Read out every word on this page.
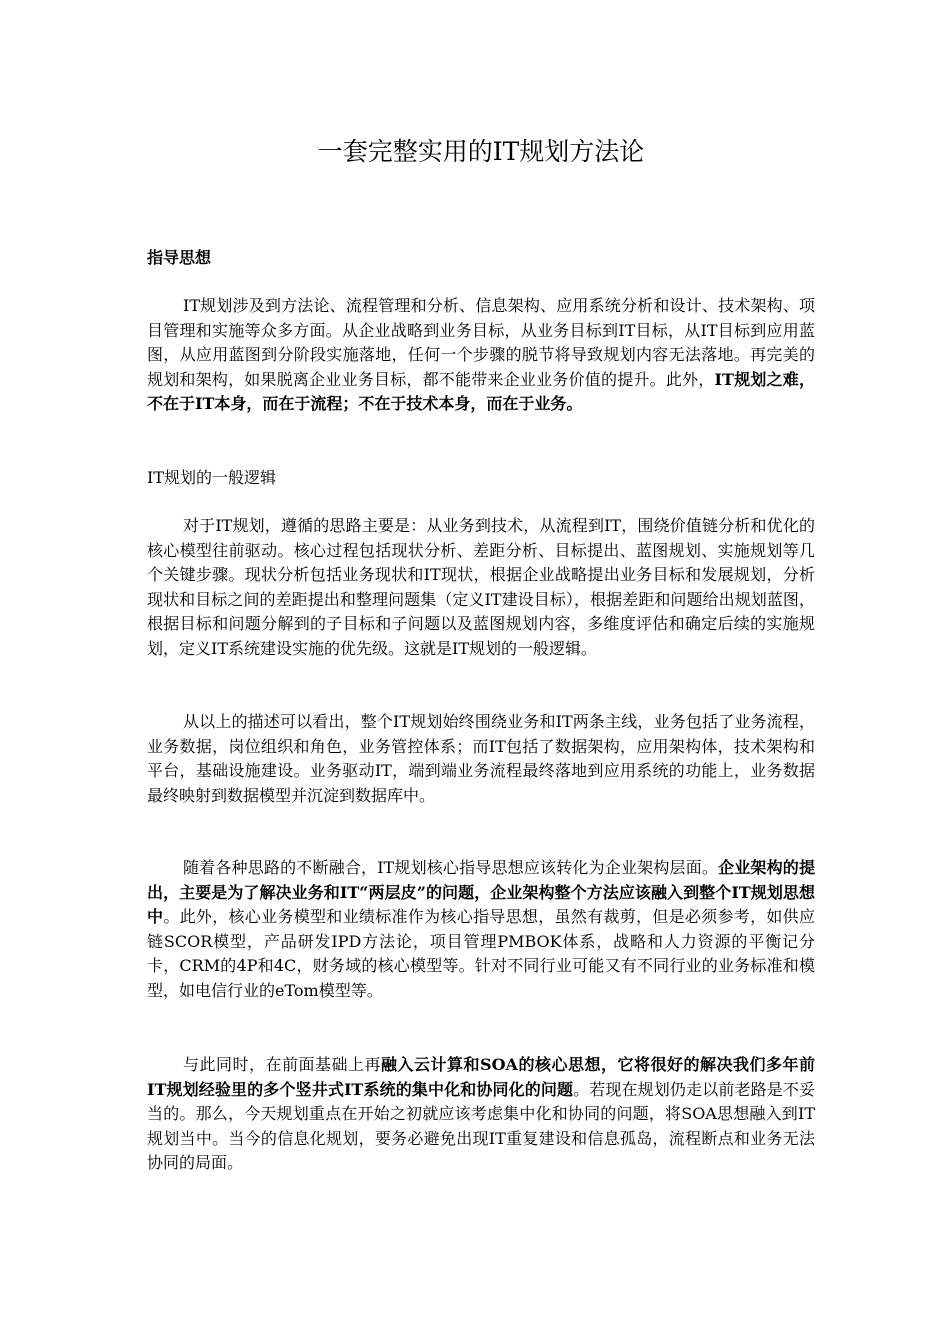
一套完整实用的IT规划方法论
指导思想

IT规划涉及到方法论、流程管理和分析、信息架构、应用系统分析和设计、技术架构、项目管理和实施等众多方面。从企业战略到业务目标，从业务目标到IT目标，从IT目标到应用蓝图，从应用蓝图到分阶段实施落地，任何一个步骤的脱节将导致规划内容无法落地。再完美的规划和架构，如果脱离企业业务目标，都不能带来企业业务价值的提升。此外，IT规划之难，不在于IT本身，而在于流程；不在于技术本身，而在于业务。

IT规划的一般逻辑

对于IT规划，遵循的思路主要是：从业务到技术，从流程到IT，围绕价值链分析和优化的核心模型往前驱动。核心过程包括现状分析、差距分析、目标提出、蓝图规划、实施规划等几个关键步骤。现状分析包括业务现状和IT现状，根据企业战略提出业务目标和发展规划，分析现状和目标之间的差距提出和整理问题集（定义IT建设目标），根据差距和问题给出规划蓝图，根据目标和问题分解到的子目标和子问题以及蓝图规划内容，多维度评估和确定后续的实施规划，定义IT系统建设实施的优先级。这就是IT规划的一般逻辑。

从以上的描述可以看出，整个IT规划始终围绕业务和IT两条主线，业务包括了业务流程，业务数据，岗位组织和角色，业务管控体系；而IT包括了数据架构，应用架构体，技术架构和平台，基础设施建设。业务驱动IT，端到端业务流程最终落地到应用系统的功能上，业务数据最终映射到数据模型并沉淀到数据库中。

随着各种思路的不断融合，IT规划核心指导思想应该转化为企业架构层面。企业架构的提出，主要是为了解决业务和IT“两层皮”的问题，企业架构整个方法应该融入到整个IT规划思想中。此外，核心业务模型和业绩标准作为核心指导思想，虽然有裁剪，但是必须参考，如供应链SCOR模型，产品研发IPD方法论，项目管理PMBOK体系，战略和人力资源的平衡记分卡，CRM的4P和4C，财务域的核心模型等。针对不同行业可能又有不同行业的业务标准和模型，如电信行业的eTom模型等。

与此同时，在前面基础上再融入云计算和SOA的核心思想，它将很好的解决我们多年前IT规划经验里的多个竖井式IT系统的集中化和协同化的问题。若现在规划仍走以前老路是不妥当的。那么，今天规划重点在开始之初就应该考虑集中化和协同的问题，将SOA思想融入到IT规划当中。当今的信息化规划，要务必避免出现IT重复建设和信息孤岛，流程断点和业务无法协同的局面。
